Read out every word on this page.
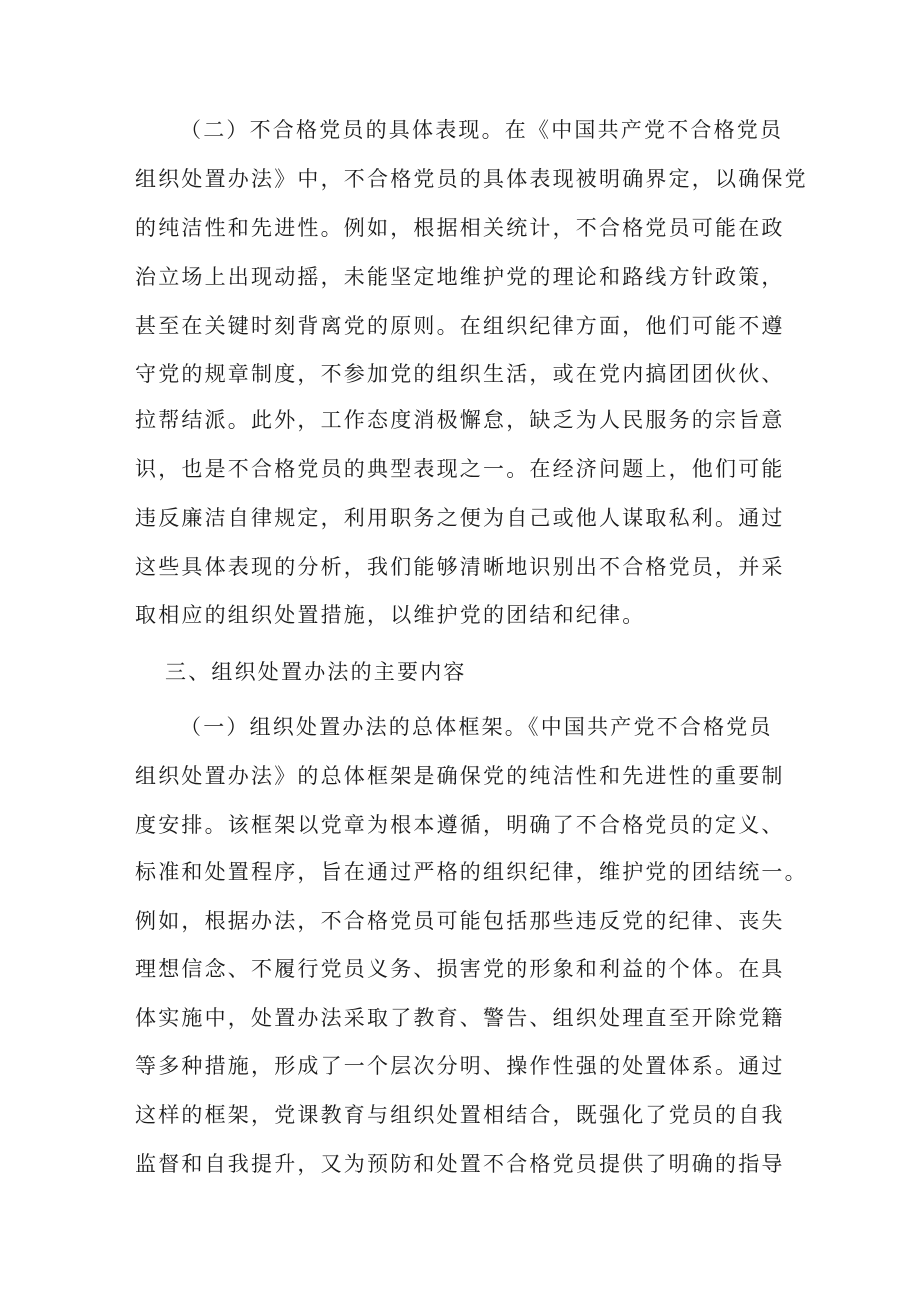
（二）不合格党员的具体表现。在《中国共产党不合格党员
组织处置办法》中，不合格党员的具体表现被明确界定，以确保党
的纯洁性和先进性。例如，根据相关统计，不合格党员可能在政
治立场上出现动摇，未能坚定地维护党的理论和路线方针政策，
甚至在关键时刻背离党的原则。在组织纪律方面，他们可能不遵
守党的规章制度，不参加党的组织生活，或在党内搞团团伙伙、
拉帮结派。此外，工作态度消极懈怠，缺乏为人民服务的宗旨意
识，也是不合格党员的典型表现之一。在经济问题上，他们可能
违反廉洁自律规定，利用职务之便为自己或他人谋取私利。通过
这些具体表现的分析，我们能够清晰地识别出不合格党员，并采
取相应的组织处置措施，以维护党的团结和纪律。
三、组织处置办法的主要内容
（一）组织处置办法的总体框架。《中国共产党不合格党员
组织处置办法》的总体框架是确保党的纯洁性和先进性的重要制
度安排。该框架以党章为根本遵循，明确了不合格党员的定义、
标准和处置程序，旨在通过严格的组织纪律，维护党的团结统一。
例如，根据办法，不合格党员可能包括那些违反党的纪律、丧失
理想信念、不履行党员义务、损害党的形象和利益的个体。在具
体实施中，处置办法采取了教育、警告、组织处理直至开除党籍
等多种措施，形成了一个层次分明、操作性强的处置体系。通过
这样的框架，党课教育与组织处置相结合，既强化了党员的自我
监督和自我提升，又为预防和处置不合格党员提供了明确的指导
